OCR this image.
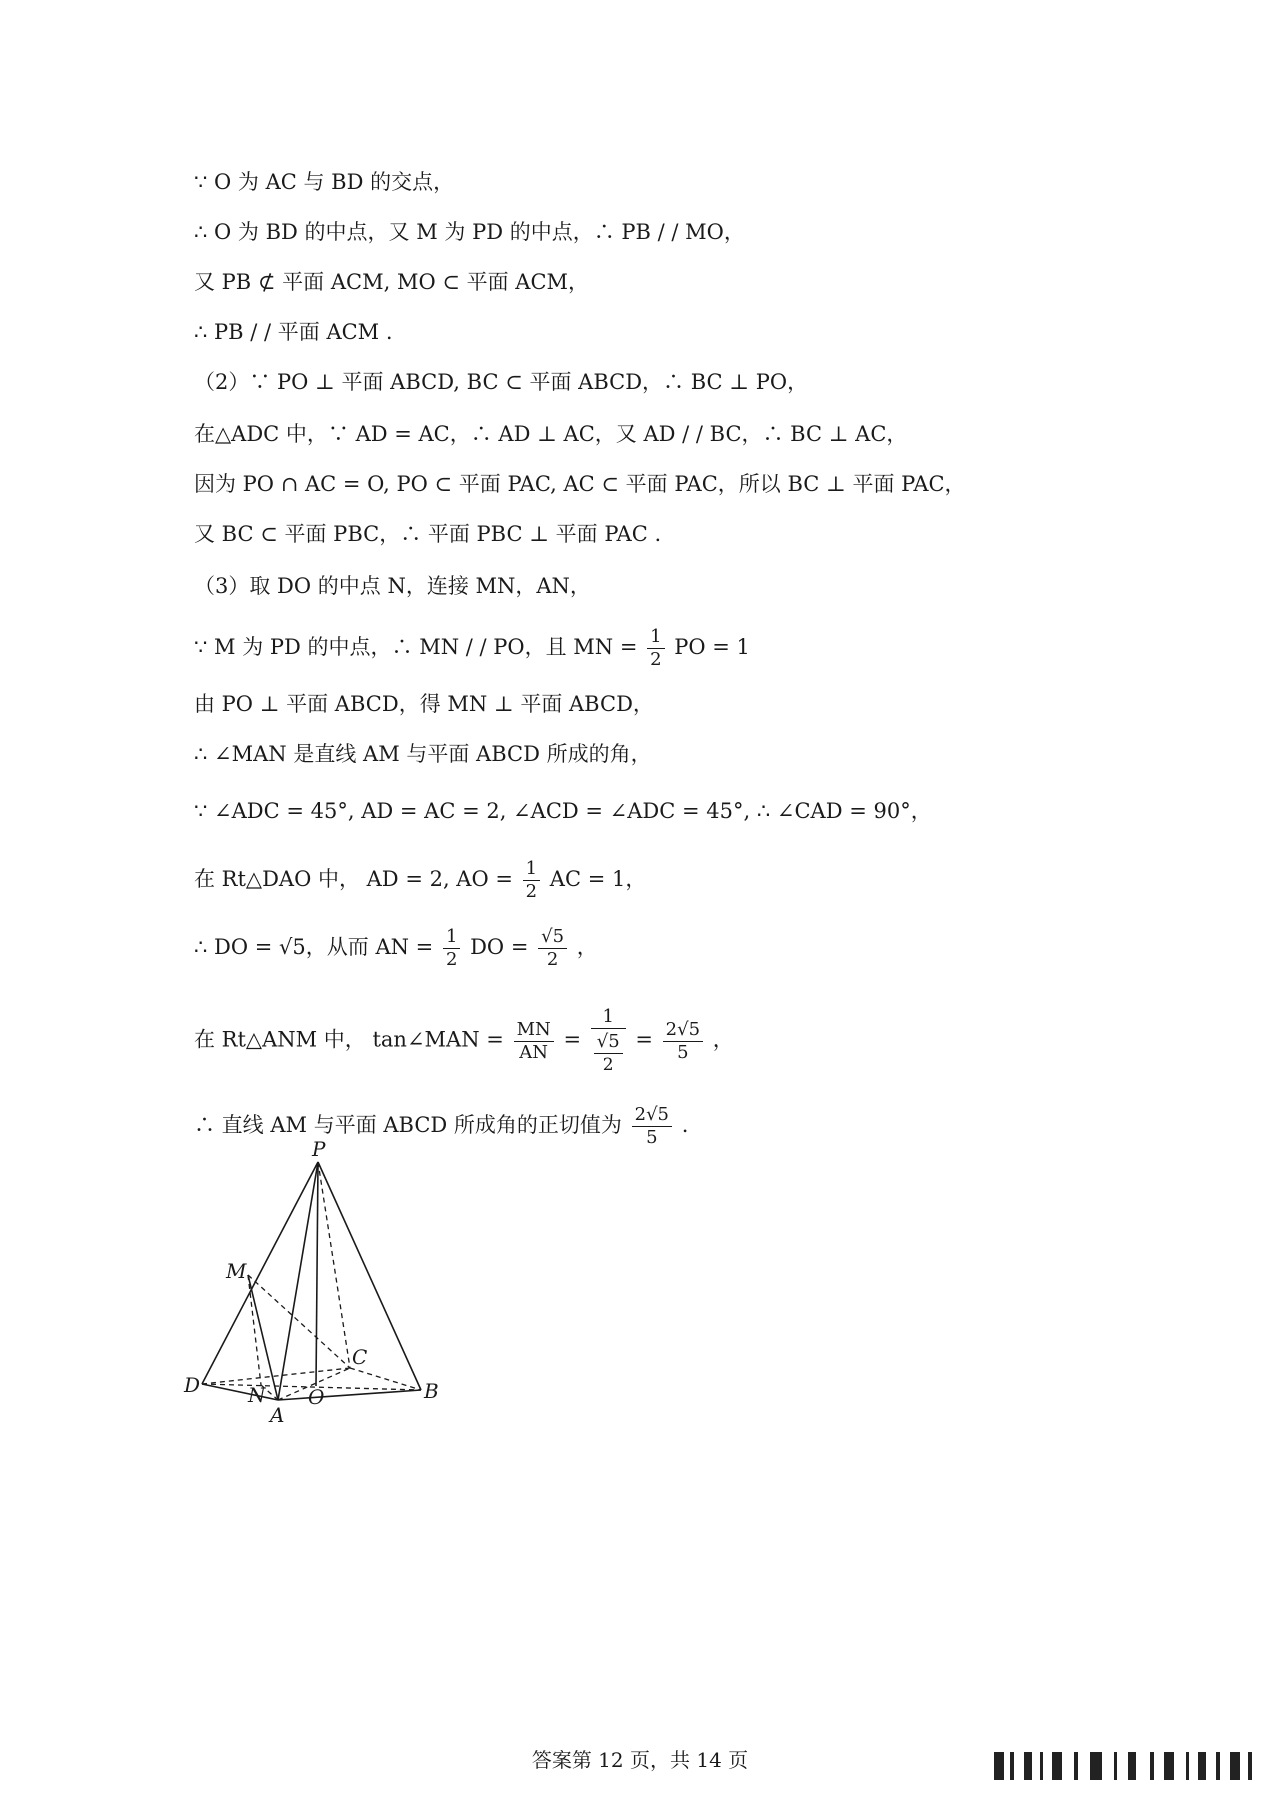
∵ O 为 AC 与 BD 的交点，
∴ O 为 BD 的中点，又 M 为 PD 的中点，∴ PB / / MO，
又 PB ⊄ 平面 ACM, MO ⊂ 平面 ACM，
∴ PB / / 平面 ACM .
（2）∵ PO ⊥ 平面 ABCD, BC ⊂ 平面 ABCD，∴ BC ⊥ PO，
在△ADC 中，∵ AD = AC，∴ AD ⊥ AC，又 AD / / BC，∴ BC ⊥ AC，
因为 PO ∩ AC = O, PO ⊂ 平面 PAC, AC ⊂ 平面 PAC，所以 BC ⊥ 平面 PAC，
又 BC ⊂ 平面 PBC，∴ 平面 PBC ⊥ 平面 PAC .
（3）取 DO 的中点 N，连接 MN，AN，
∵ M 为 PD 的中点，∴ MN / / PO，且 MN = $\frac{1}{2}$ PO = 1
由 PO ⊥ 平面 ABCD，得 MN ⊥ 平面 ABCD，
∴ ∠MAN 是直线 AM 与平面 ABCD 所成的角，
∵ ∠ADC = 45°, AD = AC = 2, ∠ACD = ∠ADC = 45°, ∴ ∠CAD = 90°，
在 Rt△DAO 中， AD = 2, AO = $\frac{1}{2}$ AC = 1，
∴ DO = √5，从而 AN = $\frac{1}{2}$ DO = $\frac{√5}{2}$ ，
在 Rt△ANM 中， tan∠MAN = $\frac{MN}{AN} = \frac{1}{\frac{√5}{2}} = \frac{2√5}{5}$ ，
∴ 直线 AM 与平面 ABCD 所成角的正切值为 $\frac{2√5}{5}$ .
P
M
C
D N O
A
B
答案第 12 页，共 14 页
